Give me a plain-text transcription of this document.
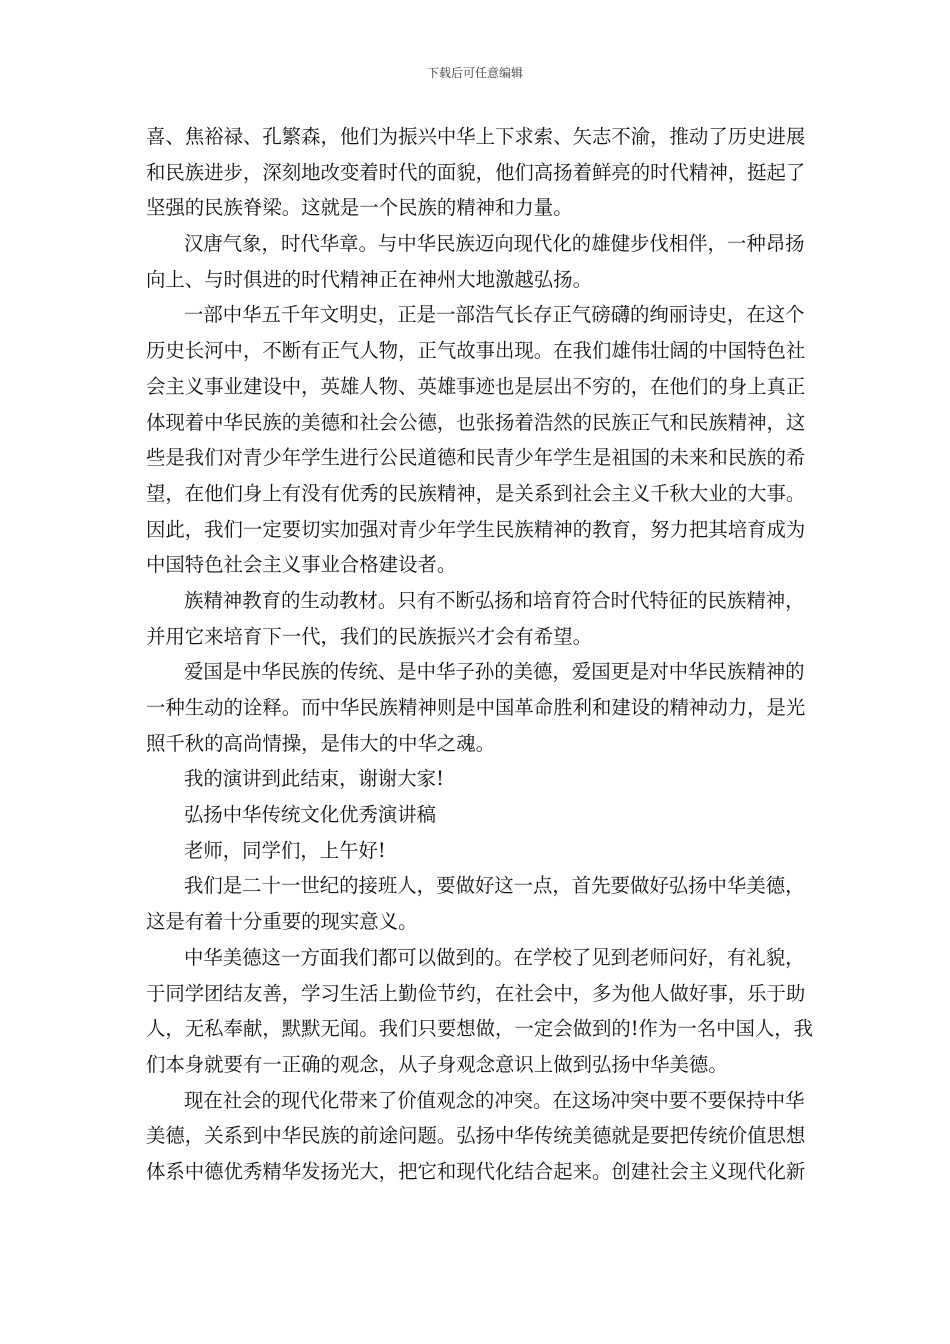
下载后可任意编辑
喜、焦裕禄、孔繁森，他们为振兴中华上下求索、矢志不渝，推动了历史进展
和民族进步，深刻地改变着时代的面貌，他们高扬着鲜亮的时代精神，挺起了
坚强的民族脊梁。这就是一个民族的精神和力量。
汉唐气象，时代华章。与中华民族迈向现代化的雄健步伐相伴，一种昂扬
向上、与时俱进的时代精神正在神州大地激越弘扬。
一部中华五千年文明史，正是一部浩气长存正气磅礴的绚丽诗史，在这个
历史长河中，不断有正气人物，正气故事出现。在我们雄伟壮阔的中国特色社
会主义事业建设中，英雄人物、英雄事迹也是层出不穷的，在他们的身上真正
体现着中华民族的美德和社会公德，也张扬着浩然的民族正气和民族精神，这
些是我们对青少年学生进行公民道德和民青少年学生是祖国的未来和民族的希
望，在他们身上有没有优秀的民族精神，是关系到社会主义千秋大业的大事。
因此，我们一定要切实加强对青少年学生民族精神的教育，努力把其培育成为
中国特色社会主义事业合格建设者。
族精神教育的生动教材。只有不断弘扬和培育符合时代特征的民族精神，
并用它来培育下一代，我们的民族振兴才会有希望。
爱国是中华民族的传统、是中华子孙的美德，爱国更是对中华民族精神的
一种生动的诠释。而中华民族精神则是中国革命胜利和建设的精神动力，是光
照千秋的高尚情操，是伟大的中华之魂。
我的演讲到此结束，谢谢大家!
弘扬中华传统文化优秀演讲稿
老师，同学们，上午好!
我们是二十一世纪的接班人，要做好这一点，首先要做好弘扬中华美德，
这是有着十分重要的现实意义。
中华美德这一方面我们都可以做到的。在学校了见到老师问好，有礼貌，
于同学团结友善，学习生活上勤俭节约，在社会中，多为他人做好事，乐于助
人，无私奉献，默默无闻。我们只要想做，一定会做到的!作为一名中国人，我
们本身就要有一正确的观念，从子身观念意识上做到弘扬中华美德。
现在社会的现代化带来了价值观念的冲突。在这场冲突中要不要保持中华
美德，关系到中华民族的前途问题。弘扬中华传统美德就是要把传统价值思想
体系中德优秀精华发扬光大，把它和现代化结合起来。创建社会主义现代化新
